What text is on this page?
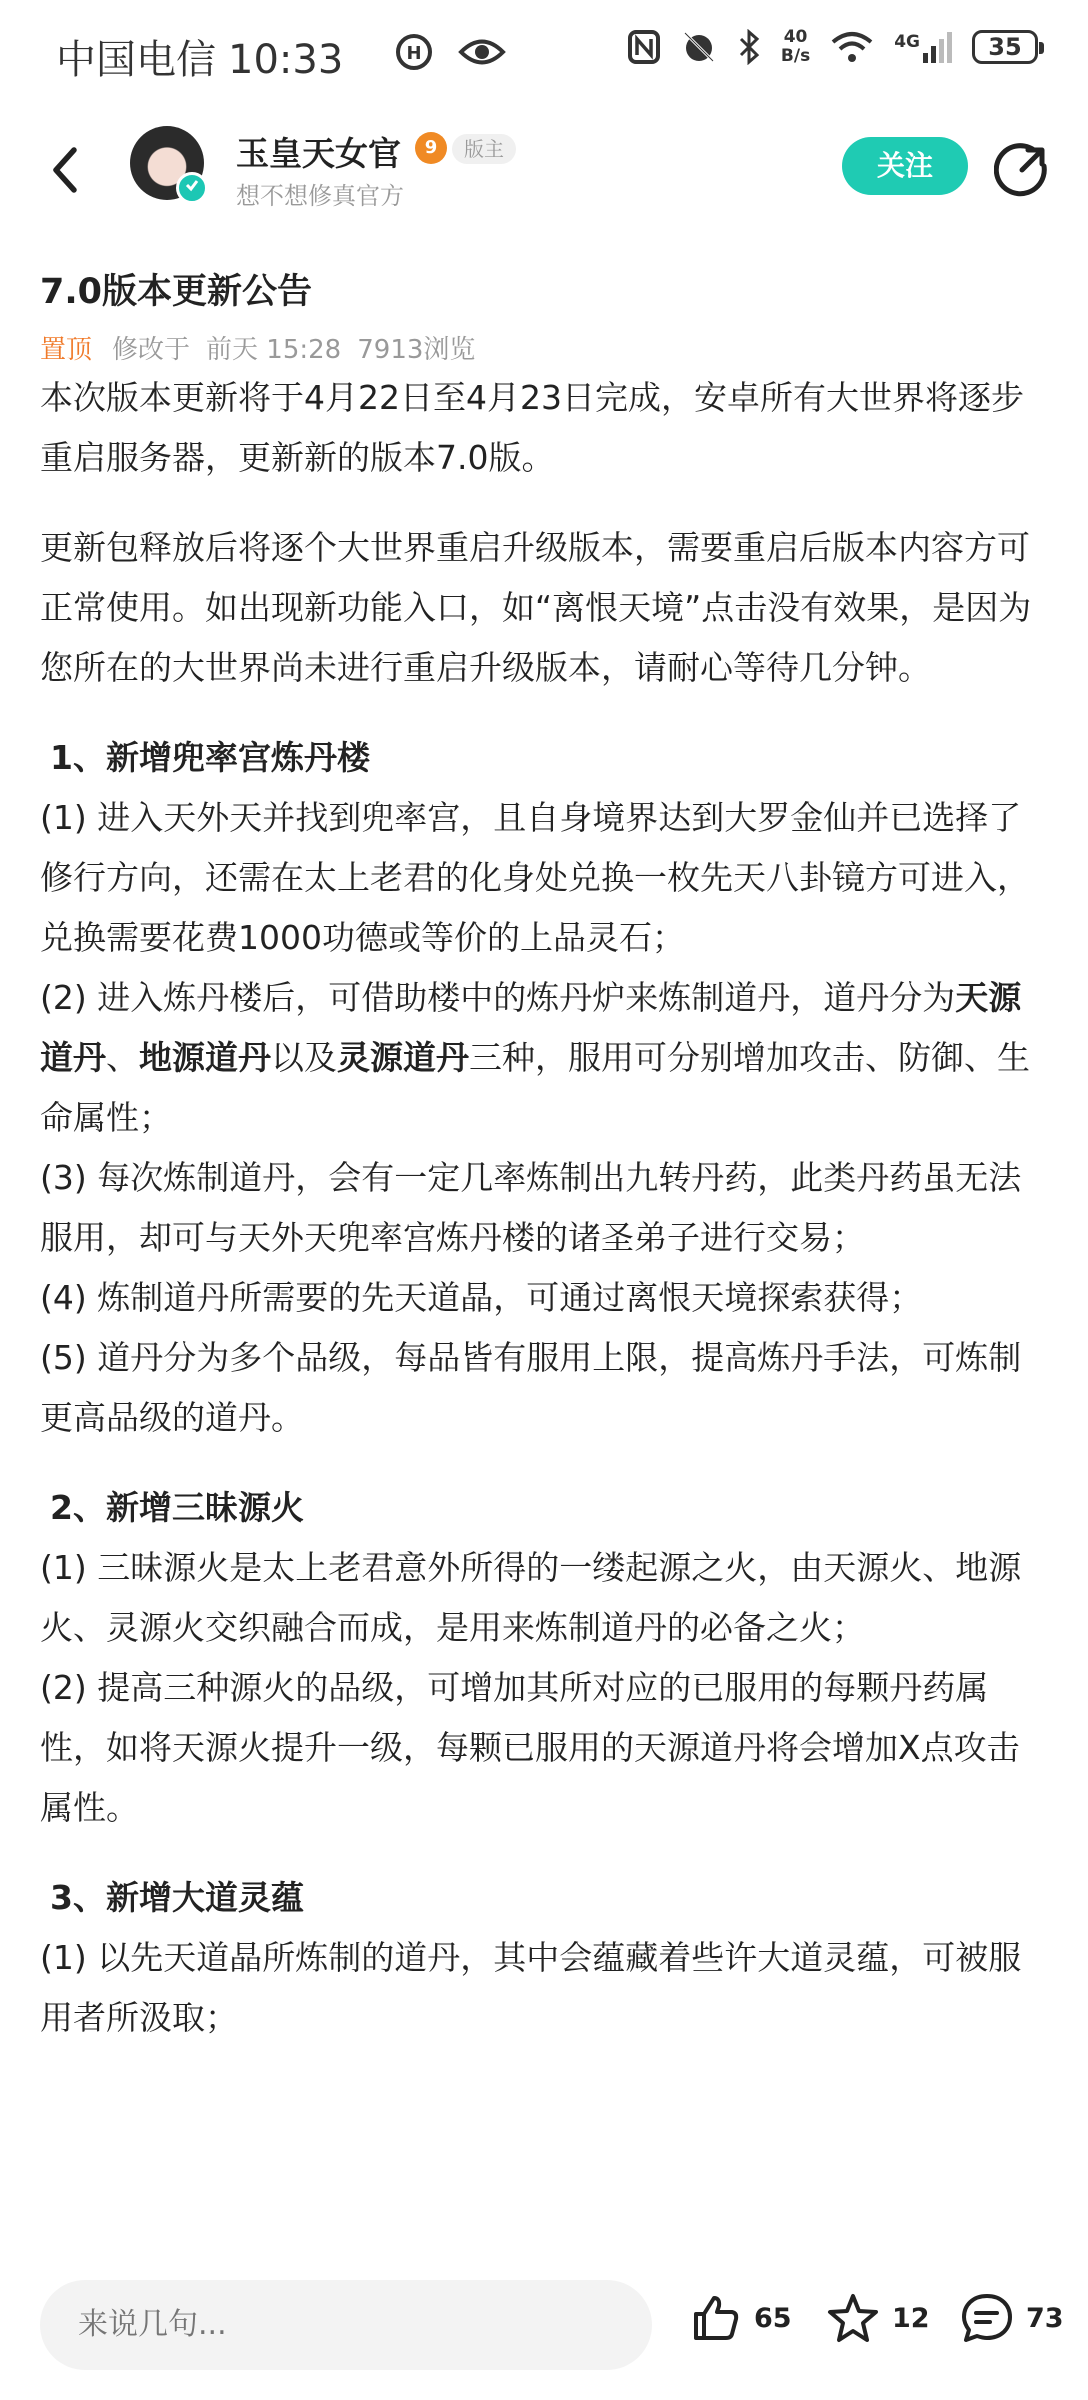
中国电信 10:33	H
40
B/s
4G	35
玉皇天女官	9	版主
想不想修真官方
关注
7.0版本更新公告
置顶 修改于 前天 15:28 7913浏览

本次版本更新将于4月22日至4月23日完成，安卓所有大世界将逐步重启服务器，更新新的版本7.0版。

更新包释放后将逐个大世界重启升级版本，需要重启后版本内容方可正常使用。如出现新功能入口，如“离恨天境”点击没有效果，是因为您所在的大世界尚未进行重启升级版本，请耐心等待几分钟。

1、新增兜率宫炼丹楼

(1) 进入天外天并找到兜率宫，且自身境界达到大罗金仙并已选择了修行方向，还需在太上老君的化身处兑换一枚先天八卦镜方可进入，兑换需要花费1000功德或等价的上品灵石；

(2) 进入炼丹楼后，可借助楼中的炼丹炉来炼制道丹，道丹分为天源道丹、地源道丹以及灵源道丹三种，服用可分别增加攻击、防御、生命属性；

(3) 每次炼制道丹，会有一定几率炼制出九转丹药，此类丹药虽无法服用，却可与天外天兜率宫炼丹楼的诸圣弟子进行交易；

(4) 炼制道丹所需要的先天道晶，可通过离恨天境探索获得；

(5) 道丹分为多个品级，每品皆有服用上限，提高炼丹手法，可炼制更高品级的道丹。

2、新增三昧源火

(1) 三昧源火是太上老君意外所得的一缕起源之火，由天源火、地源火、灵源火交织融合而成，是用来炼制道丹的必备之火；

(2) 提高三种源火的品级，可增加其所对应的已服用的每颗丹药属性，如将天源火提升一级，每颗已服用的天源道丹将会增加X点攻击属性。

3、新增大道灵蕴

(1) 以先天道晶所炼制的道丹，其中会蕴藏着些许大道灵蕴，可被服用者所汲取；

来说几句...
65	12	73
